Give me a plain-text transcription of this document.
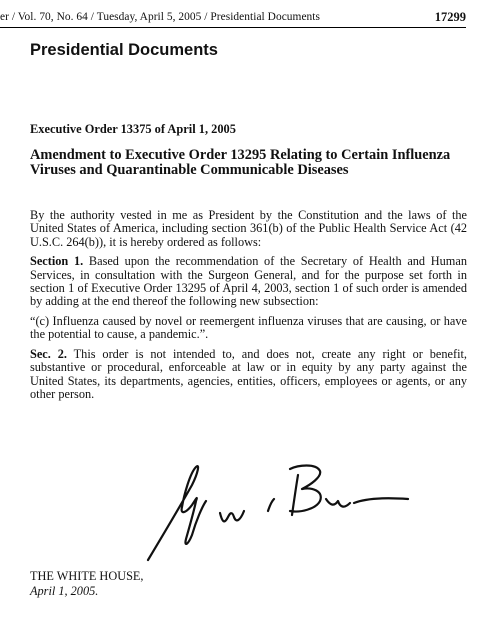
er / Vol. 70, No. 64 / Tuesday, April 5, 2005 / Presidential Documents	17299
Presidential Documents
Executive Order 13375 of April 1, 2005
Amendment to Executive Order 13295 Relating to Certain Influenza Viruses and Quarantinable Communicable Diseases

By the authority vested in me as President by the Constitution and the laws of the United States of America, including section 361(b) of the Public Health Service Act (42 U.S.C. 264(b)), it is hereby ordered as follows:

Section 1. Based upon the recommendation of the Secretary of Health and Human Services, in consultation with the Surgeon General, and for the purpose set forth in section 1 of Executive Order 13295 of April 4, 2003, section 1 of such order is amended by adding at the end thereof the following new subsection:

“(c) Influenza caused by novel or reemergent influenza viruses that are causing, or have the potential to cause, a pandemic.”.

Sec. 2. This order is not intended to, and does not, create any right or benefit, substantive or procedural, enforceable at law or in equity by any party against the United States, its departments, agencies, entities, officers, employees or agents, or any other person.

THE WHITE HOUSE,
April 1, 2005.
